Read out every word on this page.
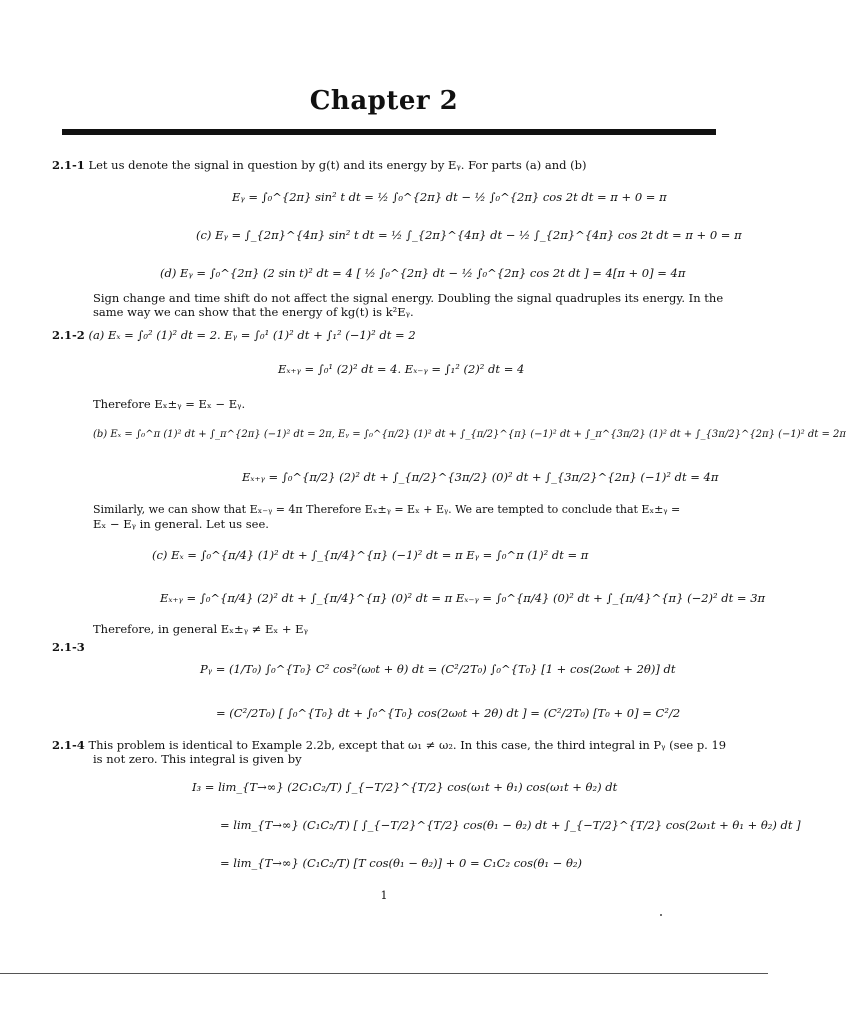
Chapter 2
2.1-1 Let us denote the signal in question by g(t) and its energy by Eᵧ. For parts (a) and (b)
Eᵧ = ∫₀^{2π} sin² t dt = ½ ∫₀^{2π} dt − ½ ∫₀^{2π} cos 2t dt = π + 0 = π
(c) Eᵧ = ∫_{2π}^{4π} sin² t dt = ½ ∫_{2π}^{4π} dt − ½ ∫_{2π}^{4π} cos 2t dt = π + 0 = π
(d) Eᵧ = ∫₀^{2π} (2 sin t)² dt = 4 [ ½ ∫₀^{2π} dt − ½ ∫₀^{2π} cos 2t dt ] = 4[π + 0] = 4π
Sign change and time shift do not affect the signal energy. Doubling the signal quadruples its energy. In the
same way we can show that the energy of kg(t) is k²Eᵧ.
2.1-2 (a) Eₓ = ∫₀² (1)² dt = 2. Eᵧ = ∫₀¹ (1)² dt + ∫₁² (−1)² dt = 2
Eₓ₊ᵧ = ∫₀¹ (2)² dt = 4. Eₓ₋ᵧ = ∫₁² (2)² dt = 4
Therefore Eₓ±ᵧ = Eₓ − Eᵧ.
(b) Eₓ = ∫₀^π (1)² dt + ∫_π^{2π} (−1)² dt = 2π, Eᵧ = ∫₀^{π/2} (1)² dt + ∫_{π/2}^{π} (−1)² dt + ∫_π^{3π/2} (1)² dt + ∫_{3π/2}^{2π} (−1)² dt = 2π
Eₓ₊ᵧ = ∫₀^{π/2} (2)² dt + ∫_{π/2}^{3π/2} (0)² dt + ∫_{3π/2}^{2π} (−1)² dt = 4π
Similarly, we can show that Eₓ₋ᵧ = 4π Therefore Eₓ±ᵧ = Eₓ + Eᵧ. We are tempted to conclude that Eₓ±ᵧ =
Eₓ − Eᵧ in general. Let us see.
(c) Eₓ = ∫₀^{π/4} (1)² dt + ∫_{π/4}^{π} (−1)² dt = π Eᵧ = ∫₀^π (1)² dt = π
Eₓ₊ᵧ = ∫₀^{π/4} (2)² dt + ∫_{π/4}^{π} (0)² dt = π Eₓ₋ᵧ = ∫₀^{π/4} (0)² dt + ∫_{π/4}^{π} (−2)² dt = 3π
Therefore, in general Eₓ±ᵧ ≠ Eₓ + Eᵧ
2.1-3
Pᵧ = (1/T₀) ∫₀^{T₀} C² cos²(ω₀t + θ) dt = (C²/2T₀) ∫₀^{T₀} [1 + cos(2ω₀t + 2θ)] dt
= (C²/2T₀) [ ∫₀^{T₀} dt + ∫₀^{T₀} cos(2ω₀t + 2θ) dt ] = (C²/2T₀) [T₀ + 0] = C²/2
2.1-4 This problem is identical to Example 2.2b, except that ω₁ ≠ ω₂. In this case, the third integral in Pᵧ (see p. 19
is not zero. This integral is given by
I₃ = lim_{T→∞} (2C₁C₂/T) ∫_{−T/2}^{T/2} cos(ω₁t + θ₁) cos(ω₁t + θ₂) dt
= lim_{T→∞} (C₁C₂/T) [ ∫_{−T/2}^{T/2} cos(θ₁ − θ₂) dt + ∫_{−T/2}^{T/2} cos(2ω₁t + θ₁ + θ₂) dt ]
= lim_{T→∞} (C₁C₂/T) [T cos(θ₁ − θ₂)] + 0 = C₁C₂ cos(θ₁ − θ₂)
1
